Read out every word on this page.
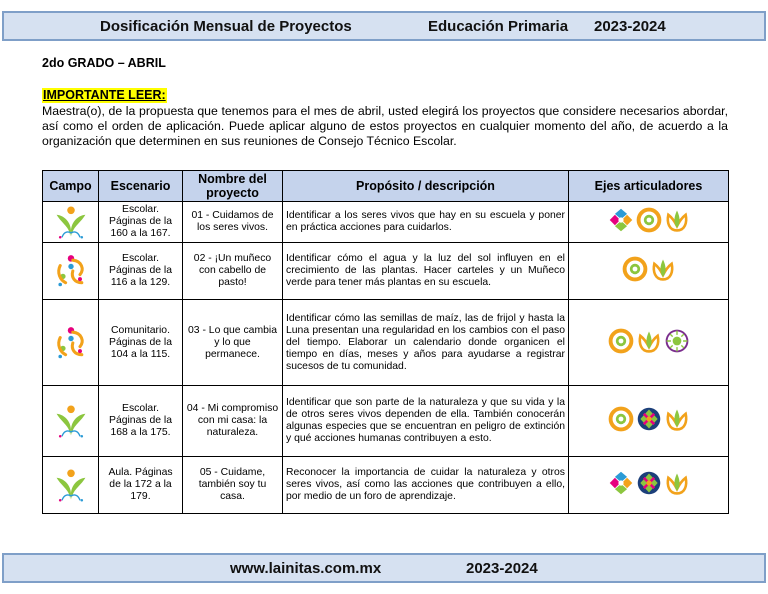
Dosificación Mensual de Proyectos	Educación Primaria 2023-2024
2do GRADO – ABRIL
IMPORTANTE LEER:
Maestra(o), de la propuesta que tenemos para el mes de abril, usted elegirá los proyectos que considere necesarios abordar, así como el orden de aplicación. Puede aplicar alguno de estos proyectos en cualquier momento del año, de acuerdo a la organización que determinen en sus reuniones de Consejo Técnico Escolar.
Campo	Escenario	Nombre del proyecto	Propósito / descripción	Ejes articuladores

	Escolar. Páginas de la 160 a la 167.	01 - Cuidamos de los seres vivos.	Identificar a los seres vivos que hay en su escuela y poner en práctica acciones para cuidarlos.	

	Escolar. Páginas de la 116 a la 129.	02 - ¡Un muñeco con cabello de pasto!	Identificar cómo el agua y la luz del sol influyen en el crecimiento de las plantas. Hacer carteles y un Muñeco verde para tener más plantas en su escuela.	

	Comunitario. Páginas de la 104 a la 115.	03 - Lo que cambia y lo que permanece.	Identificar cómo las semillas de maíz, las de frijol y hasta la Luna presentan una regularidad en los cambios con el paso del tiempo. Elaborar un calendario donde organicen el tiempo en días, meses y años para ayudarse a registrar sucesos de tu comunidad.	

	Escolar. Páginas de la 168 a la 175.	04 - Mi compromiso con mi casa: la naturaleza.	Identificar que son parte de la naturaleza y que su vida y la de otros seres vivos dependen de ella. También conocerán algunas especies que se encuentran en peligro de extinción y qué acciones humanas contribuyen a esto.	

	Aula. Páginas de la 172 a la 179.	05 - Cuidame, también soy tu casa.	Reconocer la importancia de cuidar la naturaleza y otros seres vivos, así como las acciones que contribuyen a ello, por medio de un foro de aprendizaje.	
www.lainitas.com.mx	2023-2024
